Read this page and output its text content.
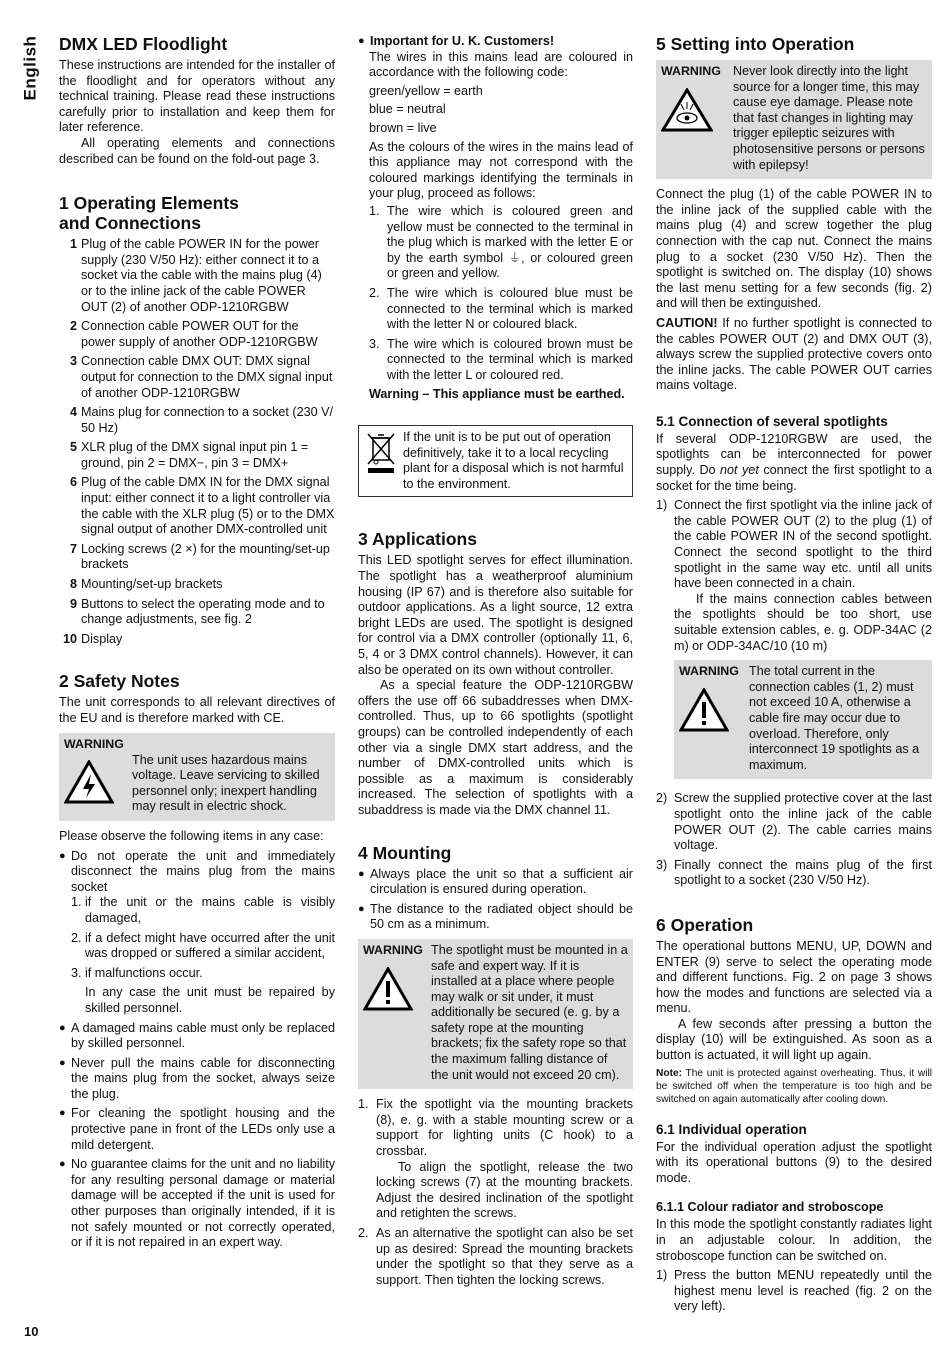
English DMX LED Floodlight

These instructions are intended for the installer of the floodlight and for operators without any technical training. Please read these instructions carefully prior to installation and keep them for later reference.

All operating elements and connections described can be found on the fold-out page 3.

1 Operating Elements and Connections
1 Plug of the cable POWER IN for the power supply (230 V/50 Hz): either connect it to a socket via the cable with the mains plug (4) or to the inline jack of the cable POWER OUT (2) of another ODP-1210RGBW
2 Connection cable POWER OUT for the power supply of another ODP-1210RGBW
3 Connection cable DMX OUT: DMX signal output for connection to the DMX signal input of another ODP-1210RGBW
4 Mains plug for connection to a socket (230 V/ 50 Hz)
5 XLR plug of the DMX signal input pin 1 = ground, pin 2 = DMX−, pin 3 = DMX+
6 Plug of the cable DMX IN for the DMX signal input: either connect it to a light controller via the cable with the XLR plug (5) or to the DMX signal output of another DMX-controlled unit
7 Locking screws (2 ×) for the mounting/set-up brackets
8 Mounting/set-up brackets
9 Buttons to select the operating mode and to change adjustments, see fig. 2
10 Display
2 Safety Notes

The unit corresponds to all relevant directives of the EU and is therefore marked with CE.

WARNING
The unit uses hazardous mains voltage. Leave servicing to skilled personnel only; inexpert handling may result in electric shock.

Please observe the following items in any case:

● Do not operate the unit and immediately disconnect the mains plug from the mains socket

1. if the unit or the mains cable is visibly damaged,
2. if a defect might have occurred after the unit was dropped or suffered a similar accident,
3. if malfunctions occur.

In any case the unit must be repaired by skilled personnel.

● A damaged mains cable must only be replaced by skilled personnel.
● Never pull the mains cable for disconnecting the mains plug from the socket, always seize the plug.
● For cleaning the spotlight housing and the protective pane in front of the LEDs only use a mild detergent.
● No guarantee claims for the unit and no liability for any resulting personal damage or material damage will be accepted if the unit is used for other purposes than originally intended, if it is not safely mounted or not correctly operated, or if it is not repaired in an expert way.
● Important for U. K. Customers!

The wires in this mains lead are coloured in accordance with the following code:

green/yellow = earth

blue = neutral

brown = live

As the colours of the wires in the mains lead of this appliance may not correspond with the coloured markings identifying the terminals in your plug, proceed as follows:

1. The wire which is coloured green and yellow must be connected to the terminal in the plug which is marked with the letter E or by the earth symbol ⏚, or coloured green or green and yellow.
2. The wire which is coloured blue must be connected to the terminal which is marked with the letter N or coloured black.
3. The wire which is coloured brown must be connected to the terminal which is marked with the letter L or coloured red.

Warning – This appliance must be earthed.

If the unit is to be put out of operation definitively, take it to a local recycling plant for a disposal which is not harmful to the environment.
3 Applications

This LED spotlight serves for effect illumination. The spotlight has a weatherproof aluminium housing (IP 67) and is therefore also suitable for outdoor applications. As a light source, 12 extra bright LEDs are used. The spotlight is designed for control via a DMX controller (optionally 11, 6, 5, 4 or 3 DMX control channels). However, it can also be operated on its own without controller.

As a special feature the ODP-1210RGBW offers the use off 66 subaddresses when DMX-controlled. Thus, up to 66 spotlights (spotlight groups) can be controlled independently of each other via a single DMX start address, and the number of DMX-controlled units which is possible as a maximum is considerably increased. The selection of spotlights with a subaddress is made via the DMX channel 11.

4 Mounting
● Always place the unit so that a sufficient air circulation is ensured during operation.
● The distance to the radiated object should be 50 cm as a minimum.
WARNING The spotlight must be mounted in a safe and expert way. If it is installed at a place where people may walk or sit under, it must additionally be secured (e. g. by a safety rope at the mounting brackets; fix the safety rope so that the maximum falling distance of the unit would not exceed 20 cm).
1. Fix the spotlight via the mounting brackets (8), e. g. with a stable mounting screw or a support for lighting units (C hook) to a crossbar.

To align the spotlight, release the two locking screws (7) at the mounting brackets. Adjust the desired inclination of the spotlight and retighten the screws.

2. As an alternative the spotlight can also be set up as desired: Spread the mounting brackets under the spotlight so that they serve as a support. Then tighten the locking screws.
5 Setting into Operation
WARNING Never look directly into the light source for a longer time, this may cause eye damage. Please note that fast changes in lighting may trigger epileptic seizures with photosensitive persons or persons with epilepsy!

Connect the plug (1) of the cable POWER IN to the inline jack of the supplied cable with the mains plug (4) and screw together the plug connection with the cap nut. Connect the mains plug to a socket (230 V/50 Hz). Then the spotlight is switched on. The display (10) shows the last menu setting for a few seconds (fig. 2) and will then be extinguished.

CAUTION! If no further spotlight is connected to the cables POWER OUT (2) and DMX OUT (3), always screw the supplied protective covers onto the inline jacks. The cable POWER OUT carries mains voltage.

5.1 Connection of several spotlights

If several ODP-1210RGBW are used, the spotlights can be interconnected for power supply. Do not yet connect the first spotlight to a socket for the time being.

1) Connect the first spotlight via the inline jack of the cable POWER OUT (2) to the plug (1) of the cable POWER IN of the second spotlight. Connect the second spotlight to the third spotlight in the same way etc. until all units have been connected in a chain.

If the mains connection cables between the spotlights should be too short, use suitable extension cables, e. g. ODP-34AC (2 m) or ODP-34AC/10 (10 m)

WARNING The total current in the connection cables (1, 2) must not exceed 10 A, otherwise a cable fire may occur due to overload. Therefore, only interconnect 19 spotlights as a maximum.
2) Screw the supplied protective cover at the last spotlight onto the inline jack of the cable POWER OUT (2). The cable carries mains voltage.
3) Finally connect the mains plug of the first spotlight to a socket (230 V/50 Hz).
6 Operation

The operational buttons MENU, UP, DOWN and ENTER (9) serve to select the operating mode and different functions. Fig. 2 on page 3 shows how the modes and functions are selected via a menu.

A few seconds after pressing a button the display (10) will be extinguished. As soon as a button is actuated, it will light up again.

Note: The unit is protected against overheating. Thus, it will be switched off when the temperature is too high and be switched on again automatically after cooling down.

6.1 Individual operation

For the individual operation adjust the spotlight with its operational buttons (9) to the desired mode.

6.1.1 Colour radiator and stroboscope

In this mode the spotlight constantly radiates light in an adjustable colour. In addition, the stroboscope function can be switched on.

1) Press the button MENU repeatedly until the highest menu level is reached (fig. 2 on the very left).
10
